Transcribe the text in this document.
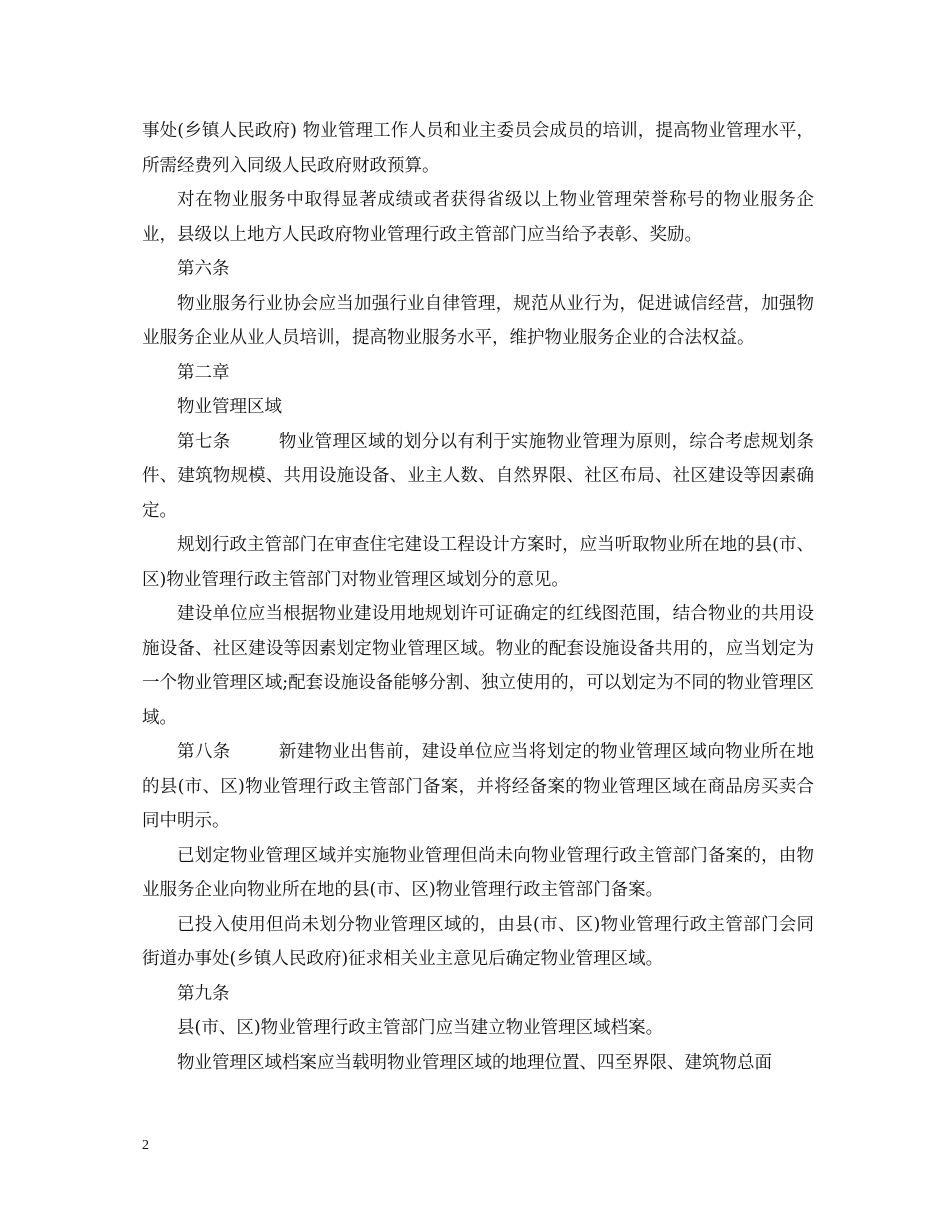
事处(乡镇人民政府) 物业管理工作人员和业主委员会成员的培训，提高物业管理水平，所需经费列入同级人民政府财政预算。

对在物业服务中取得显著成绩或者获得省级以上物业管理荣誉称号的物业服务企业，县级以上地方人民政府物业管理行政主管部门应当给予表彰、奖励。

第六条

物业服务行业协会应当加强行业自律管理，规范从业行为，促进诚信经营，加强物业服务企业从业人员培训，提高物业服务水平，维护物业服务企业的合法权益。

第二章

物业管理区域

第七条	物业管理区域的划分以有利于实施物业管理为原则，综合考虑规划条件、建筑物规模、共用设施设备、业主人数、自然界限、社区布局、社区建设等因素确定。

规划行政主管部门在审查住宅建设工程设计方案时，应当听取物业所在地的县(市、区)物业管理行政主管部门对物业管理区域划分的意见。

建设单位应当根据物业建设用地规划许可证确定的红线图范围，结合物业的共用设施设备、社区建设等因素划定物业管理区域。物业的配套设施设备共用的，应当划定为一个物业管理区域;配套设施设备能够分割、独立使用的，可以划定为不同的物业管理区域。

第八条	新建物业出售前，建设单位应当将划定的物业管理区域向物业所在地的县(市、区)物业管理行政主管部门备案，并将经备案的物业管理区域在商品房买卖合同中明示。

已划定物业管理区域并实施物业管理但尚未向物业管理行政主管部门备案的，由物业服务企业向物业所在地的县(市、区)物业管理行政主管部门备案。

已投入使用但尚未划分物业管理区域的，由县(市、区)物业管理行政主管部门会同街道办事处(乡镇人民政府)征求相关业主意见后确定物业管理区域。

第九条

县(市、区)物业管理行政主管部门应当建立物业管理区域档案。

物业管理区域档案应当载明物业管理区域的地理位置、四至界限、建筑物总面

2
